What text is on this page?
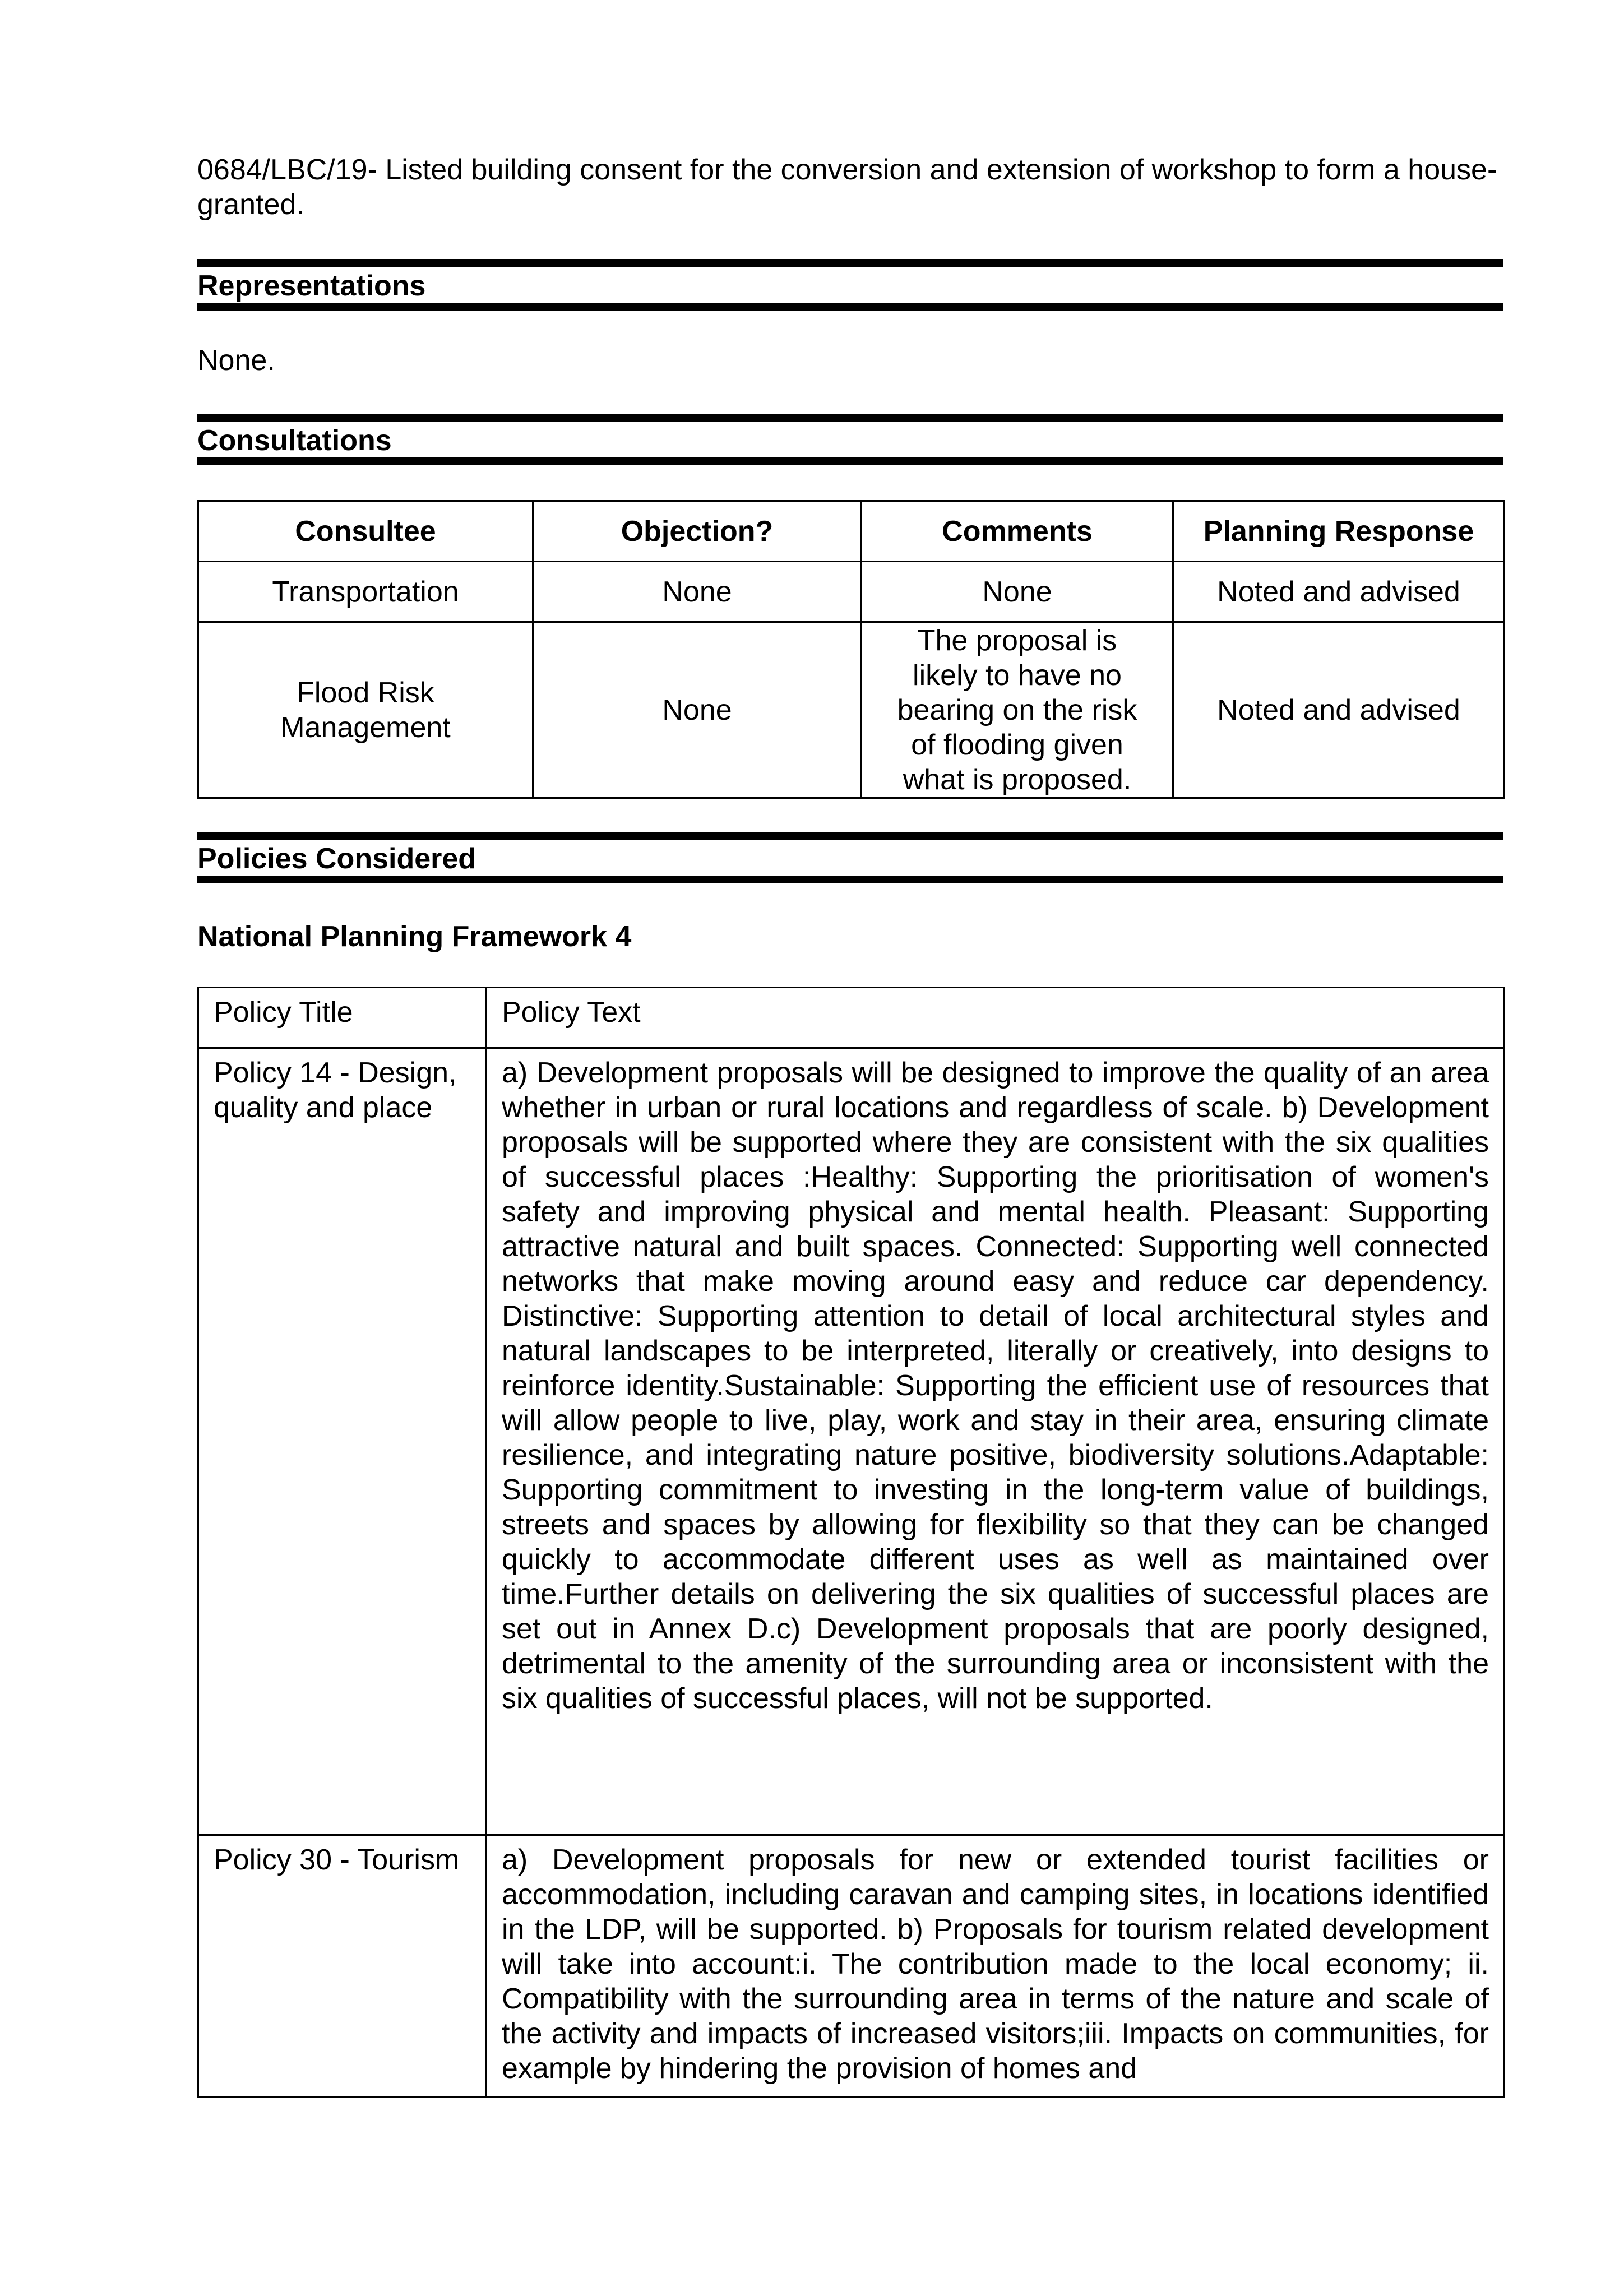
0684/LBC/19- Listed building consent for the conversion and extension of workshop to form a house- granted.
Representations
None.
Consultations
Consultee	Objection?	Comments	Planning Response
Transportation	None	None	Noted and advised
Flood Risk Management	None	The proposal is likely to have no bearing on the risk of flooding given what is proposed.	Noted and advised
Policies Considered
National Planning Framework 4
Policy Title	Policy Text
Policy 14 - Design, quality and place	a) Development proposals will be designed to improve the quality of an area whether in urban or rural locations and regardless of scale. b) Development proposals will be supported where they are consistent with the six qualities of successful places :Healthy: Supporting the prioritisation of women's safety and improving physical and mental health. Pleasant: Supporting attractive natural and built spaces. Connected: Supporting well connected networks that make moving around easy and reduce car dependency. Distinctive: Supporting attention to detail of local architectural styles and natural landscapes to be interpreted, literally or creatively, into designs to reinforce identity.Sustainable: Supporting the efficient use of resources that will allow people to live, play, work and stay in their area, ensuring climate resilience, and integrating nature positive, biodiversity solutions.Adaptable: Supporting commitment to investing in the long-term value of buildings, streets and spaces by allowing for flexibility so that they can be changed quickly to accommodate different uses as well as maintained over time.Further details on delivering the six qualities of successful places are set out in Annex D.c) Development proposals that are poorly designed, detrimental to the amenity of the surrounding area or inconsistent with the six qualities of successful places, will not be supported.
Policy 30 - Tourism	a) Development proposals for new or extended tourist facilities or accommodation, including caravan and camping sites, in locations identified in the LDP, will be supported. b) Proposals for tourism related development will take into account:i. The contribution made to the local economy; ii. Compatibility with the surrounding area in terms of the nature and scale of the activity and impacts of increased visitors;iii. Impacts on communities, for example by hindering the provision of homes and
